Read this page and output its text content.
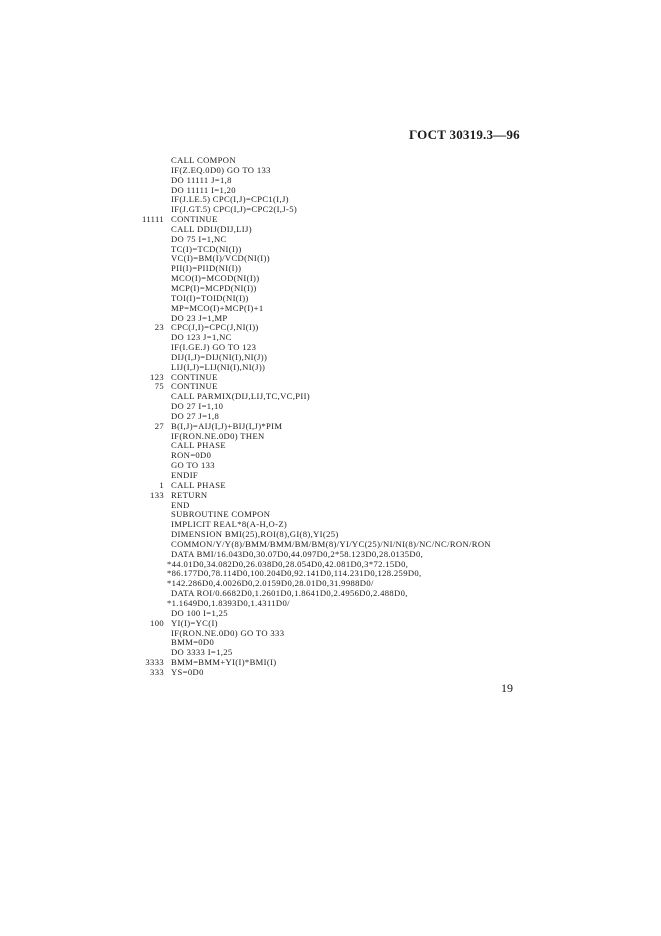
ГОСТ 30319.3—96
CALL COMPON
IF(Z.EQ.0D0) GO TO 133
DO 11111 J=1,8
DO 11111 I=1,20
IF(J.LE.5) CPC(I,J)=CPC1(I,J)
IF(J.GT.5) CPC(I,J)=CPC2(I,J-5)
11111 CONTINUE
CALL DDIJ(DIJ,LIJ)
DO 75 I=1,NC
TC(I)=TCD(NI(I))
VC(I)=BM(I)/VCD(NI(I))
PII(I)=PIID(NI(I))
MCO(I)=MCOD(NI(I))
MCP(I)=MCPD(NI(I))
TOI(I)=TOID(NI(I))
MP=MCO(I)+MCP(I)+1
DO 23 J=1,MP
23 CPC(J,I)=CPC(J,NI(I))
DO 123 J=1,NC
IF(I.GE.J) GO TO 123
DIJ(I,J)=DIJ(NI(I),NI(J))
LIJ(I,J)=LIJ(NI(I),NI(J))
123 CONTINUE
75 CONTINUE
CALL PARMIX(DIJ,LIJ,TC,VC,PII)
DO 27 I=1,10
DO 27 J=1,8
27 B(I,J)=AIJ(I,J)+BIJ(I,J)*PIM
IF(RON.NE.0D0) THEN
CALL PHASE
RON=0D0
GO TO 133
ENDIF
1 CALL PHASE
133 RETURN
END
SUBROUTINE COMPON
IMPLICIT REAL*8(A-H,O-Z)
DIMENSION BMI(25),ROI(8),GI(8),YI(25)
COMMON/Y/Y(8)/BMM/BMM/BM/BM(8)/YI/YC(25)/NI/NI(8)/NC/NC/RON/RON
DATA BMI/16.043D0,30.07D0,44.097D0,2*58.123D0,28.0135D0,
*44.01D0,34.082D0,26.038D0,28.054D0,42.081D0,3*72.15D0,
*86.177D0,78.114D0,100.204D0,92.141D0,114.231D0,128.259D0,
*142.286D0,4.0026D0,2.0159D0,28.01D0,31.9988D0/
DATA ROI/0.6682D0,1.2601D0,1.8641D0,2.4956D0,2.488D0,
*1.1649D0,1.8393D0,1.4311D0/
DO 100 I=1,25
100 YI(I)=YC(I)
IF(RON.NE.0D0) GO TO 333
BMM=0D0
DO 3333 I=1,25
3333 BMM=BMM+YI(I)*BMI(I)
333 YS=0D0
19
